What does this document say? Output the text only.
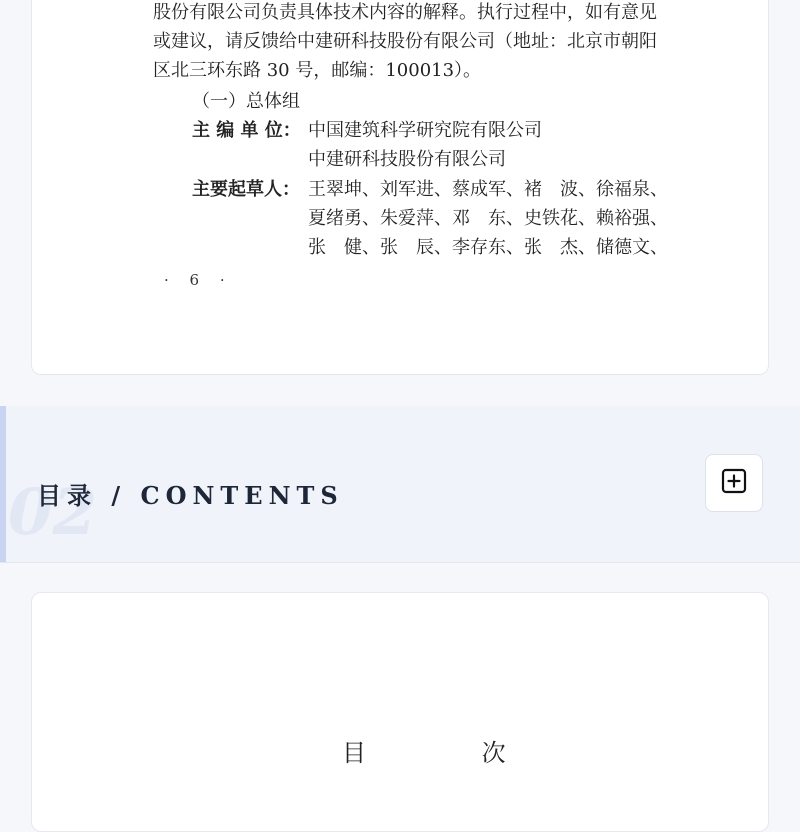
股份有限公司负责具体技术内容的解释。执行过程中，如有意见
或建议，请反馈给中建研科技股份有限公司（地址：北京市朝阳
区北三环东路 30 号，邮编：100013）。
（一）总体组
主 编 单 位： 中国建筑科学研究院有限公司
中建研科技股份有限公司
主要起草人： 王翠坤、刘军进、蔡成军、褚　波、徐福泉、
夏绪勇、朱爱萍、邓　东、史铁花、赖裕强、
张　健、张　辰、李存东、张　杰、储德文、
· 6 ·
02
目录 / CONTENTS
目 次
